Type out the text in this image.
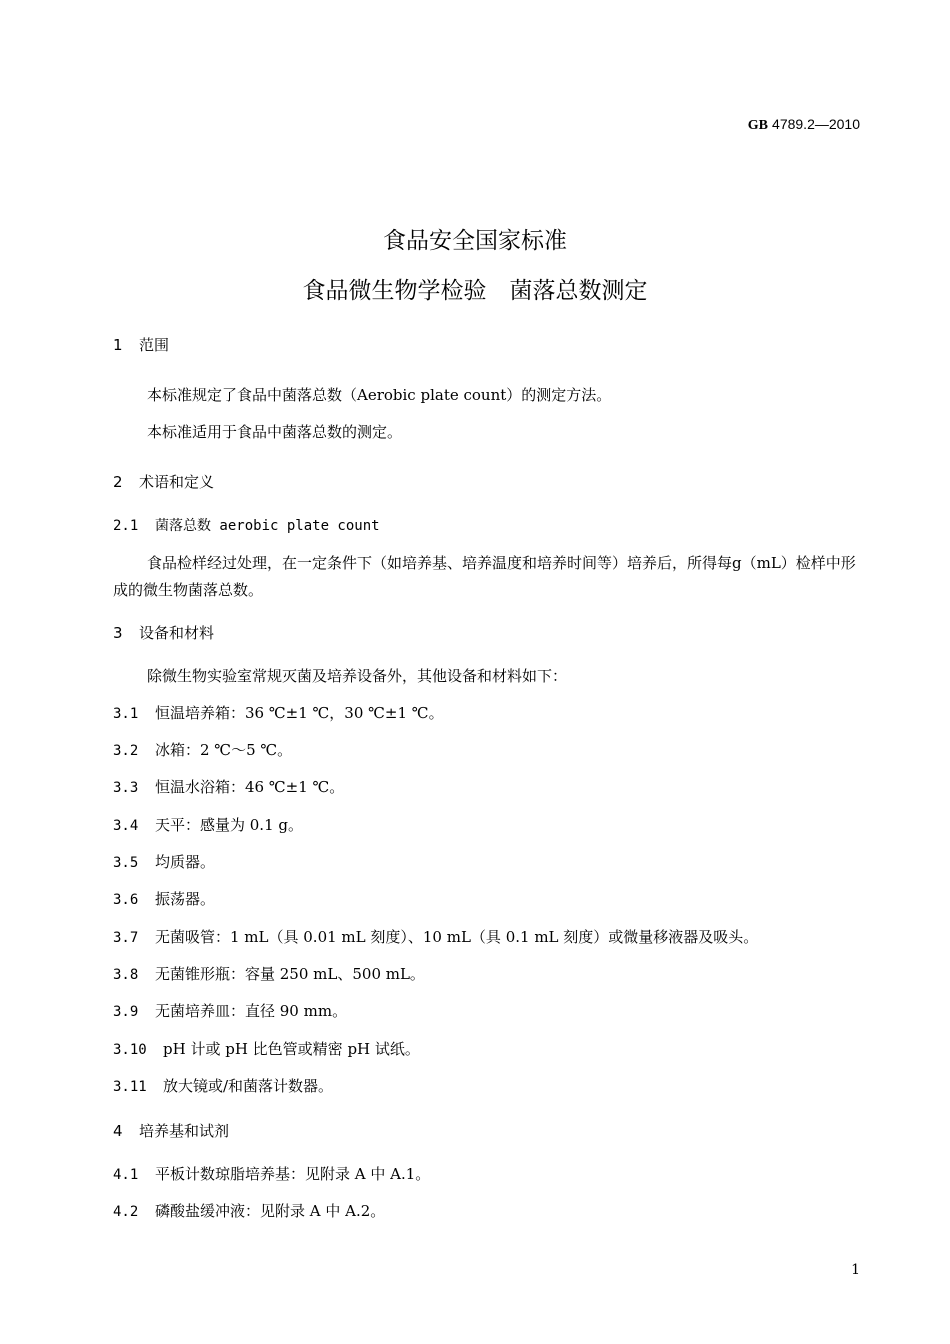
GB 4789.2—2010
食品安全国家标准
食品微生物学检验　菌落总数测定
1 范围
本标准规定了食品中菌落总数（Aerobic plate count）的测定方法。
本标准适用于食品中菌落总数的测定。
2 术语和定义
2.1 菌落总数 aerobic plate count
食品检样经过处理，在一定条件下（如培养基、培养温度和培养时间等）培养后，所得每g（mL）检样中形成的微生物菌落总数。
3 设备和材料
除微生物实验室常规灭菌及培养设备外，其他设备和材料如下：
3.1 恒温培养箱：36 ℃±1 ℃，30 ℃±1 ℃。
3.2 冰箱：2 ℃～5 ℃。
3.3 恒温水浴箱：46 ℃±1 ℃。
3.4 天平：感量为 0.1 g。
3.5 均质器。
3.6 振荡器。
3.7 无菌吸管：1 mL（具 0.01 mL 刻度）、10 mL（具 0.1 mL 刻度）或微量移液器及吸头。
3.8 无菌锥形瓶：容量 250 mL、500 mL。
3.9 无菌培养皿：直径 90 mm。
3.10 pH 计或 pH 比色管或精密 pH 试纸。
3.11 放大镜或/和菌落计数器。
4 培养基和试剂
4.1 平板计数琼脂培养基：见附录 A 中 A.1。
4.2 磷酸盐缓冲液：见附录 A 中 A.2。
1
